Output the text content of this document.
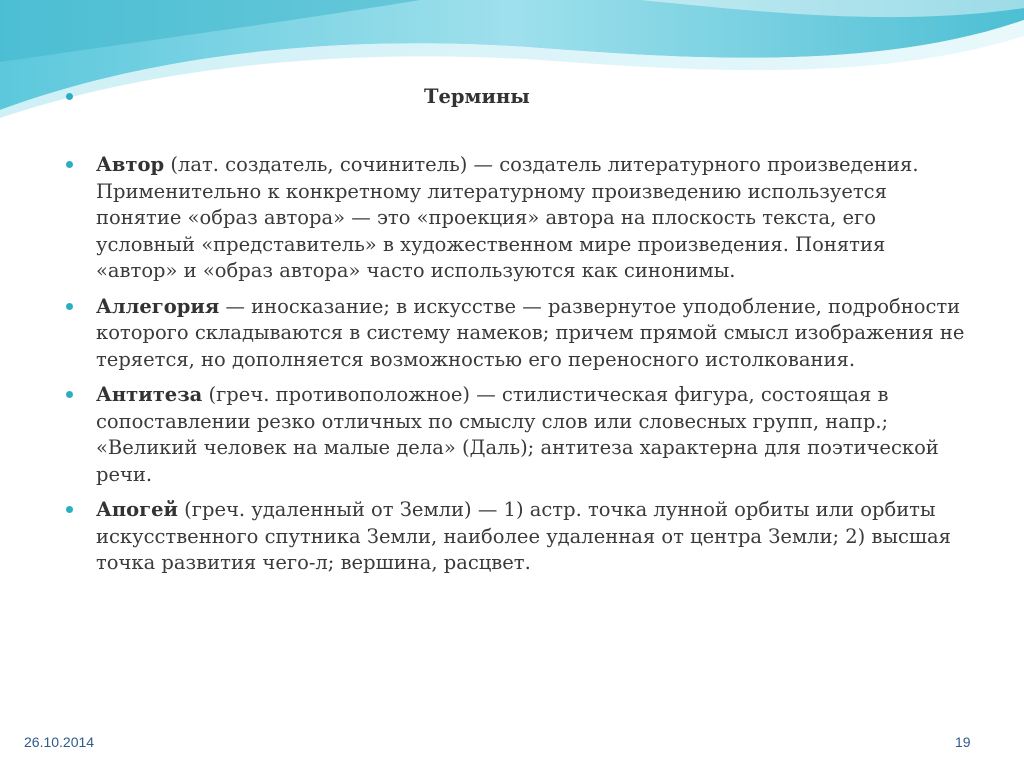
Термины
Автор (лат. создатель, сочинитель) — создатель литературного произведения. Применительно к конкретному литературному произведению используется понятие «образ автора» — это «проекция» автора на плоскость текста, его условный «представитель» в художественном мире произведения. Понятия «автор» и «образ автора» часто используются как синонимы.
Аллегория — иносказание; в искусстве — развернутое уподобление, подробности которого складываются в систему намеков; причем прямой смысл изображения не теряется, но дополняется возможностью его переносного истолкования.
Антитеза (греч. противоположное) — стилистическая фигура, состоящая в сопоставлении резко отличных по смыслу слов или словесных групп, напр.; «Великий человек на малые дела» (Даль); антитеза характерна для поэтической речи.
Апогей (греч. удаленный от Земли) — 1) астр. точка лунной орбиты или орбиты искусственного спутника Земли, наиболее удаленная от центра Земли; 2) высшая точка развития чего-л; вершина, расцвет.
26.10.2014	19
